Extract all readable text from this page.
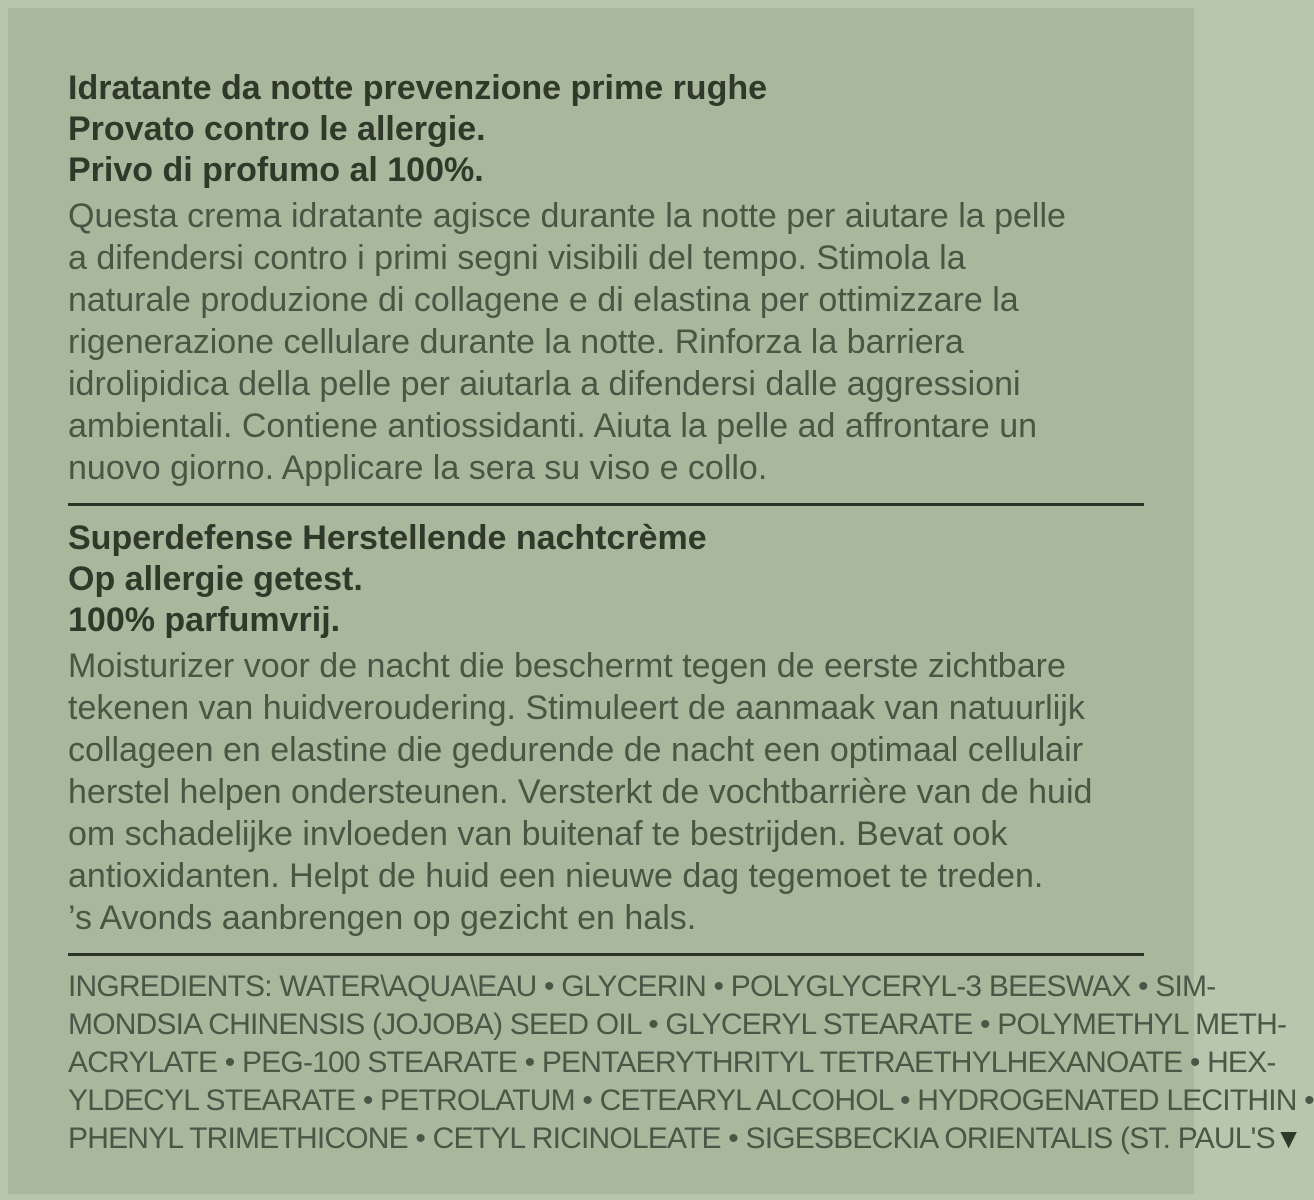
Idratante da notte prevenzione prime rughe
Provato contro le allergie.
Privo di profumo al 100%.
Questa crema idratante agisce durante la notte per aiutare la pelle
a difendersi contro i primi segni visibili del tempo. Stimola la
naturale produzione di collagene e di elastina per ottimizzare la
rigenerazione cellulare durante la notte. Rinforza la barriera
idrolipidica della pelle per aiutarla a difendersi dalle aggressioni
ambientali. Contiene antiossidanti. Aiuta la pelle ad affrontare un
nuovo giorno. Applicare la sera su viso e collo.
Superdefense Herstellende nachtcrème
Op allergie getest.
100% parfumvrij.
Moisturizer voor de nacht die beschermt tegen de eerste zichtbare
tekenen van huidveroudering. Stimuleert de aanmaak van natuurlijk
collageen en elastine die gedurende de nacht een optimaal cellulair
herstel helpen ondersteunen. Versterkt de vochtbarrière van de huid
om schadelijke invloeden van buitenaf te bestrijden. Bevat ook
antioxidanten. Helpt de huid een nieuwe dag tegemoet te treden.
’s Avonds aanbrengen op gezicht en hals.
INGREDIENTS: WATER\AQUA\EAU • GLYCERIN • POLYGLYCERYL-3 BEESWAX • SIM-
MONDSIA CHINENSIS (JOJOBA) SEED OIL • GLYCERYL STEARATE • POLYMETHYL METH-
ACRYLATE • PEG-100 STEARATE • PENTAERYTHRITYL TETRAETHYLHEXANOATE • HEX-
YLDECYL STEARATE • PETROLATUM • CETEARYL ALCOHOL • HYDROGENATED LECITHIN •
PHENYL TRIMETHICONE • CETYL RICINOLEATE • SIGESBECKIA ORIENTALIS (ST. PAUL'S ▼
